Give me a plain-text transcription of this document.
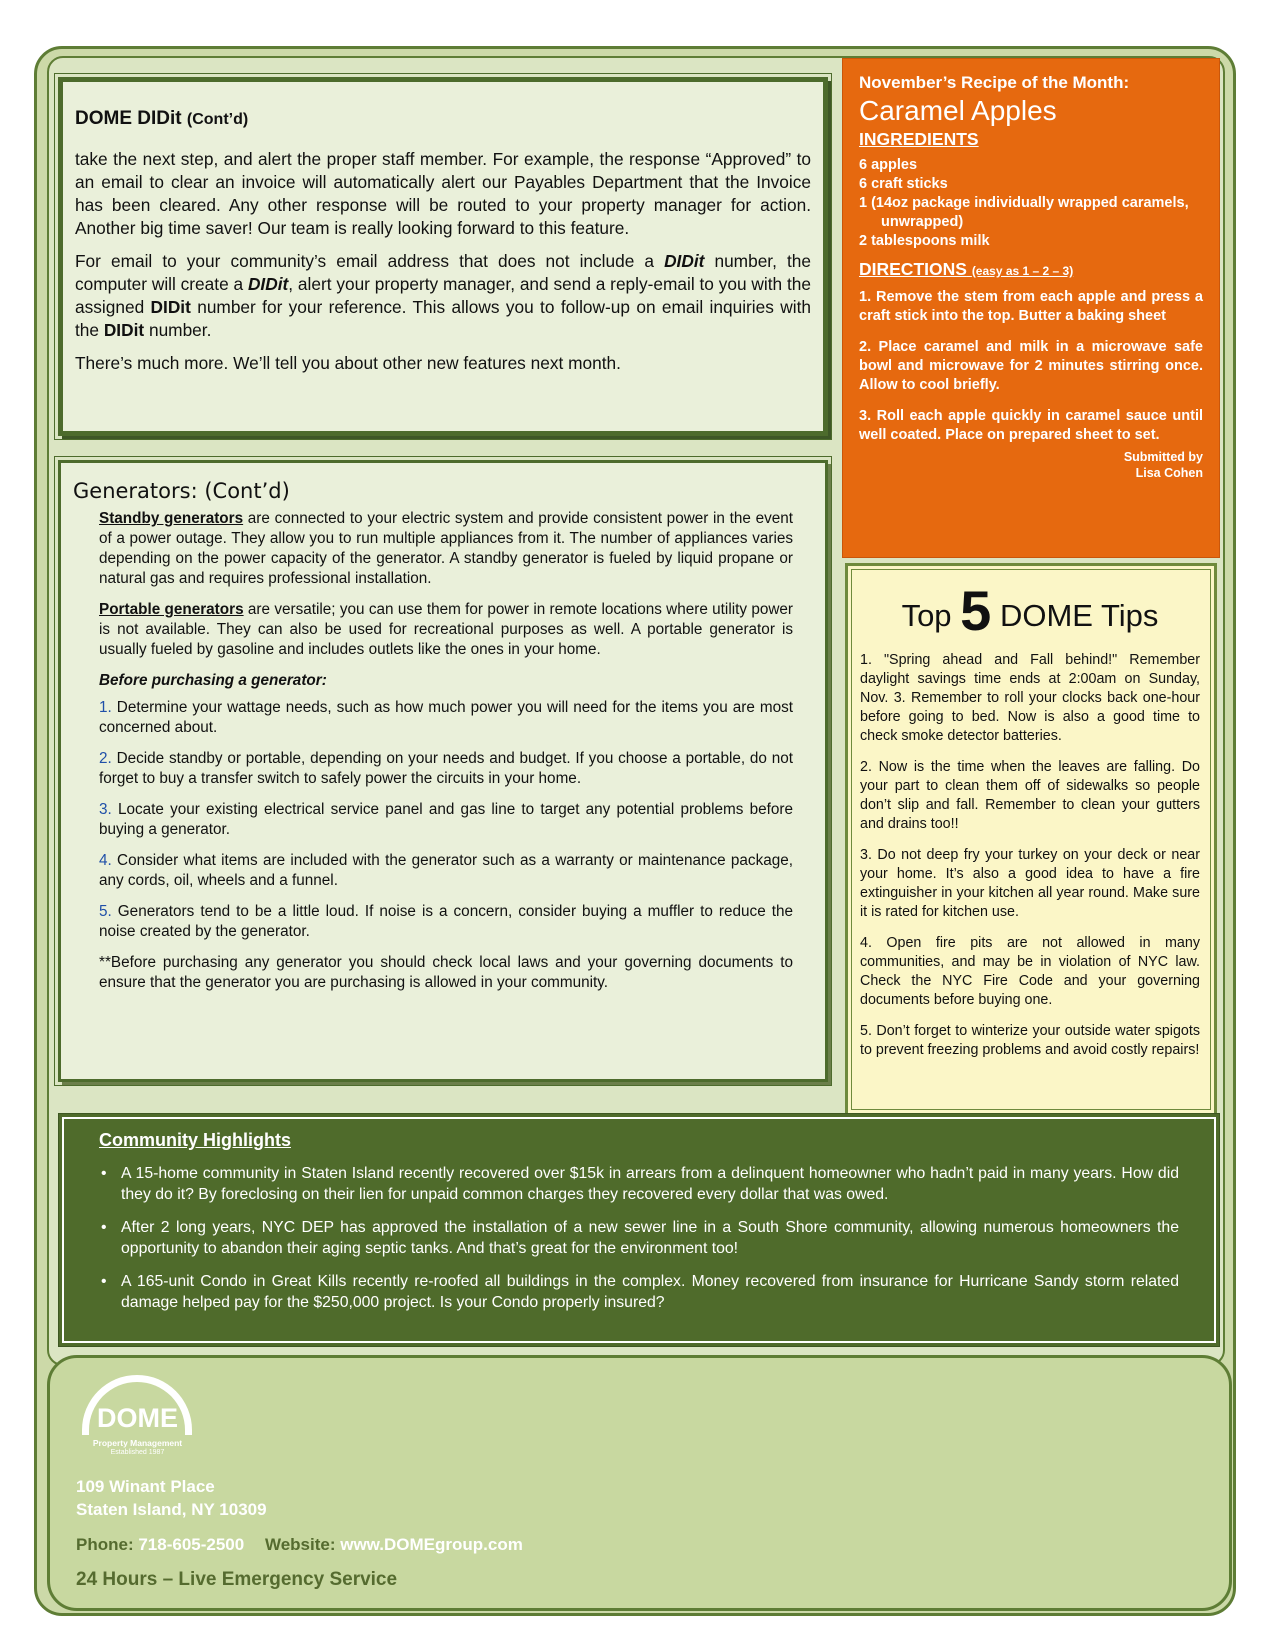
DOME DIDit (Cont’d)

take the next step, and alert the proper staff member. For example, the response “Approved” to an email to clear an invoice will automatically alert our Payables Department that the Invoice has been cleared. Any other response will be routed to your property manager for action. Another big time saver! Our team is really looking forward to this feature.

For email to your community’s email address that does not include a DIDit number, the computer will create a DIDit, alert your property manager, and send a reply-email to you with the assigned DIDit number for your reference. This allows you to follow-up on email inquiries with the DIDit number.

There’s much more. We’ll tell you about other new features next month.

Generators: (Cont’d)

Standby generators are connected to your electric system and provide consistent power in the event of a power outage. They allow you to run multiple appliances from it. The number of appliances varies depending on the power capacity of the generator. A standby generator is fueled by liquid propane or natural gas and requires professional installation.

Portable generators are versatile; you can use them for power in remote locations where utility power is not available. They can also be used for recreational purposes as well. A portable generator is usually fueled by gasoline and includes outlets like the ones in your home.

Before purchasing a generator:

1. Determine your wattage needs, such as how much power you will need for the items you are most concerned about.

2. Decide standby or portable, depending on your needs and budget. If you choose a portable, do not forget to buy a transfer switch to safely power the circuits in your home.

3. Locate your existing electrical service panel and gas line to target any potential problems before buying a generator.

4. Consider what items are included with the generator such as a warranty or maintenance package, any cords, oil, wheels and a funnel.

5. Generators tend to be a little loud. If noise is a concern, consider buying a muffler to reduce the noise created by the generator.

**Before purchasing any generator you should check local laws and your governing documents to ensure that the generator you are purchasing is allowed in your community.

November’s Recipe of the Month:
Caramel Apples
INGREDIENTS
6 apples
6 craft sticks
1 (14oz package individually wrapped caramels, unwrapped)
2 tablespoons milk
DIRECTIONS (easy as 1 – 2 – 3)

1. Remove the stem from each apple and press a craft stick into the top. Butter a baking sheet

2. Place caramel and milk in a microwave safe bowl and microwave for 2 minutes stirring once. Allow to cool briefly.

3. Roll each apple quickly in caramel sauce until well coated. Place on prepared sheet to set.

Submitted by
Lisa Cohen
Top 5 DOME Tips

1. "Spring ahead and Fall behind!" Remember daylight savings time ends at 2:00am on Sunday, Nov. 3. Remember to roll your clocks back one-hour before going to bed. Now is also a good time to check smoke detector batteries.

2. Now is the time when the leaves are falling. Do your part to clean them off of sidewalks so people don’t slip and fall. Remember to clean your gutters and drains too!!

3. Do not deep fry your turkey on your deck or near your home. It’s also a good idea to have a fire extinguisher in your kitchen all year round. Make sure it is rated for kitchen use.

4. Open fire pits are not allowed in many communities, and may be in violation of NYC law. Check the NYC Fire Code and your governing documents before buying one.

5. Don’t forget to winterize your outside water spigots to prevent freezing problems and avoid costly repairs!

Community Highlights
• A 15-home community in Staten Island recently recovered over $15k in arrears from a delinquent homeowner who hadn’t paid in many years. How did they do it? By foreclosing on their lien for unpaid common charges they recovered every dollar that was owed.
• After 2 long years, NYC DEP has approved the installation of a new sewer line in a South Shore community, allowing numerous homeowners the opportunity to abandon their aging septic tanks. And that’s great for the environment too!
• A 165-unit Condo in Great Kills recently re-roofed all buildings in the complex. Money recovered from insurance for Hurricane Sandy storm related damage helped pay for the $250,000 project. Is your Condo properly insured?
DOME
Property Management
Established 1987
109 Winant Place
Staten Island, NY 10309
Phone: 718-605-2500 Website: www.DOMEgroup.com
24 Hours – Live Emergency Service
